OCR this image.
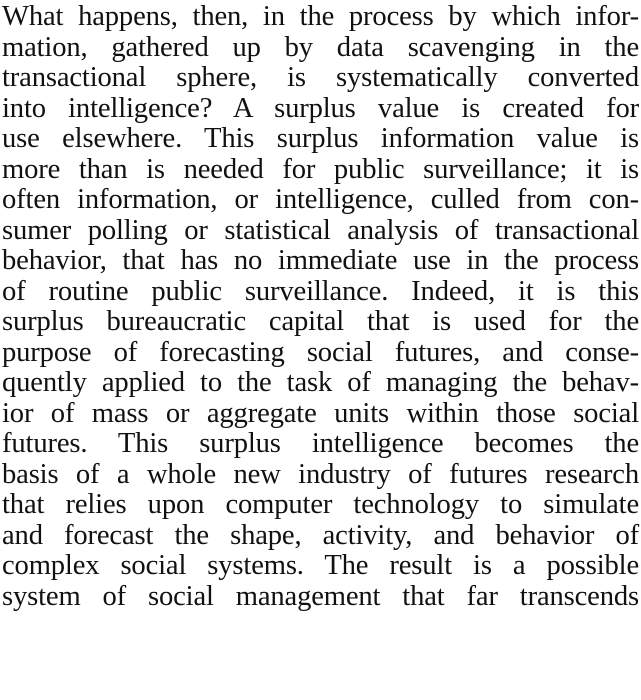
What happens, then, in the process by which infor-
mation, gathered up by data scavenging in the
transactional sphere, is systematically converted
into intelligence? A surplus value is created for
use elsewhere. This surplus information value is
more than is needed for public surveillance; it is
often information, or intelligence, culled from con-
sumer polling or statistical analysis of transactional
behavior, that has no immediate use in the process
of routine public surveillance. Indeed, it is this
surplus bureaucratic capital that is used for the
purpose of forecasting social futures, and conse-
quently applied to the task of managing the behav-
ior of mass or aggregate units within those social
futures. This surplus intelligence becomes the
basis of a whole new industry of futures research
that relies upon computer technology to simulate
and forecast the shape, activity, and behavior of
complex social systems. The result is a possible
system of social management that far transcends
